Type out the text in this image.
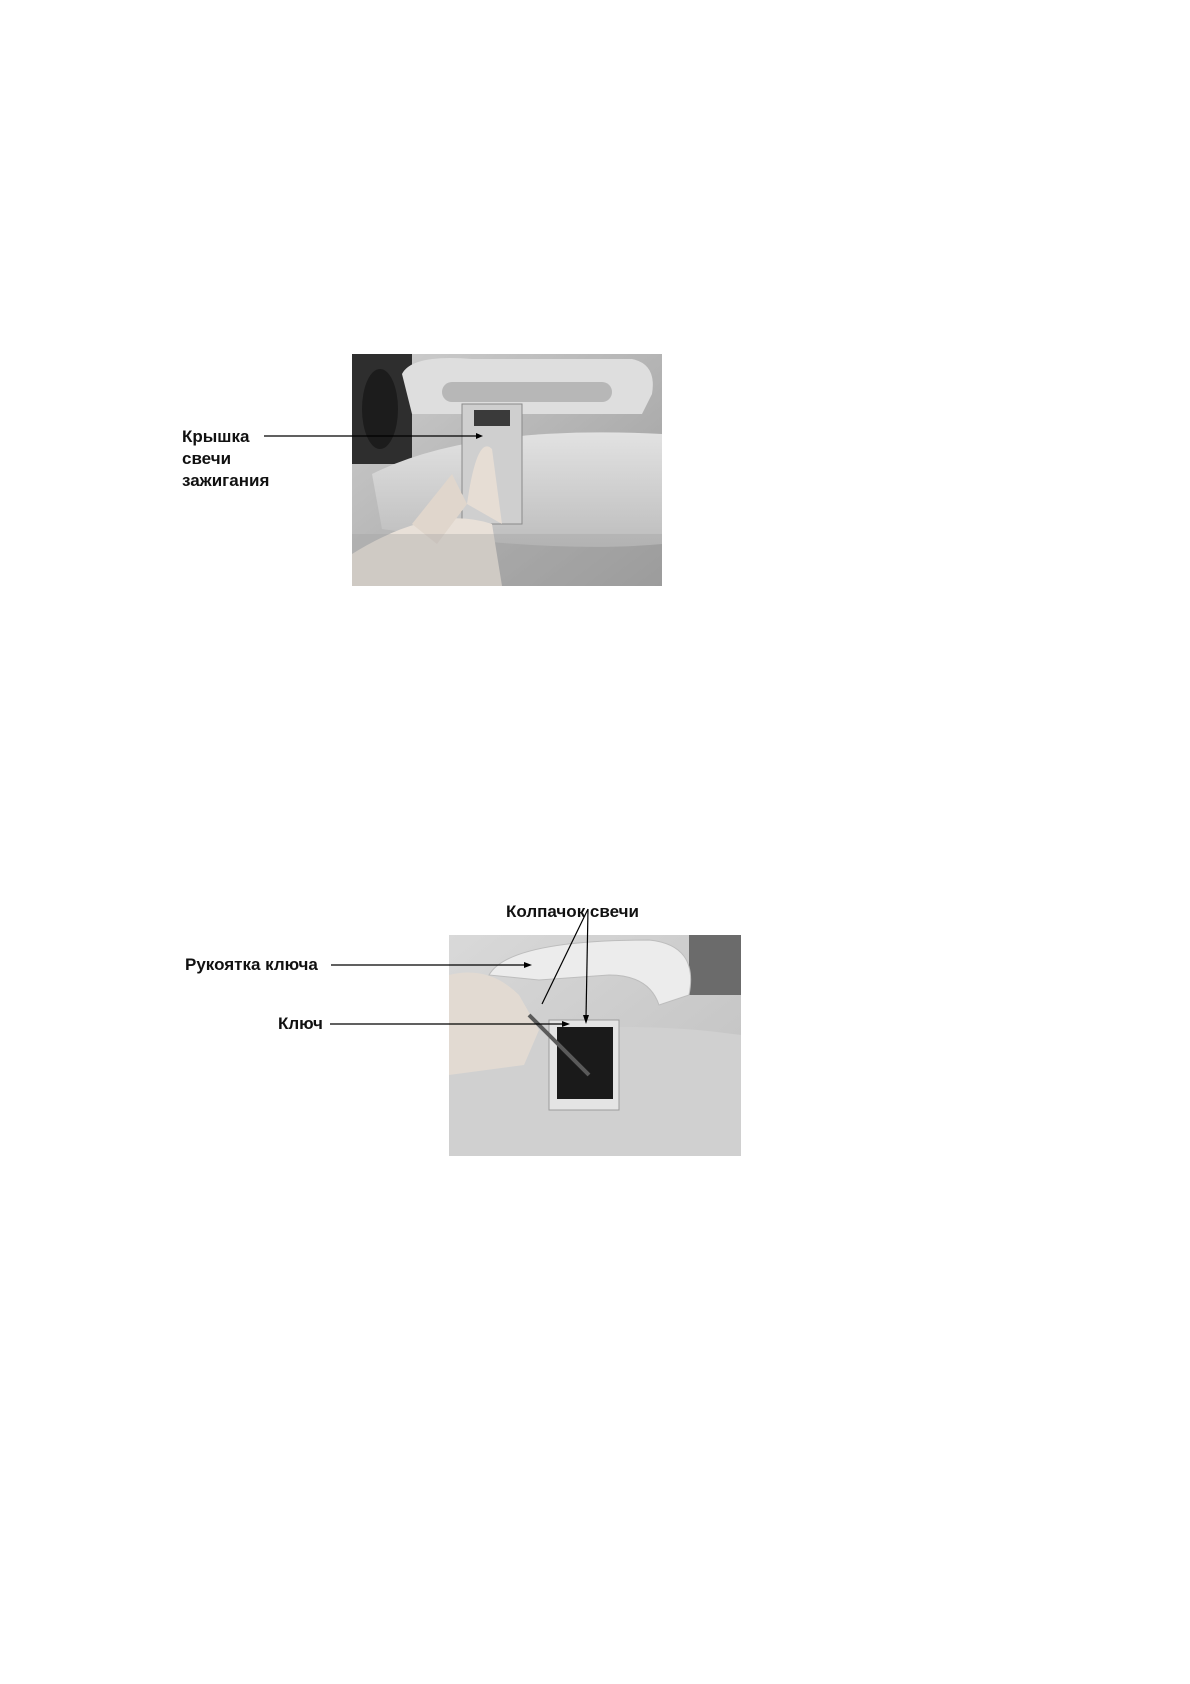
Крышка
свечи
зажигания
Колпачок свечи
Рукоятка ключа
Ключ
